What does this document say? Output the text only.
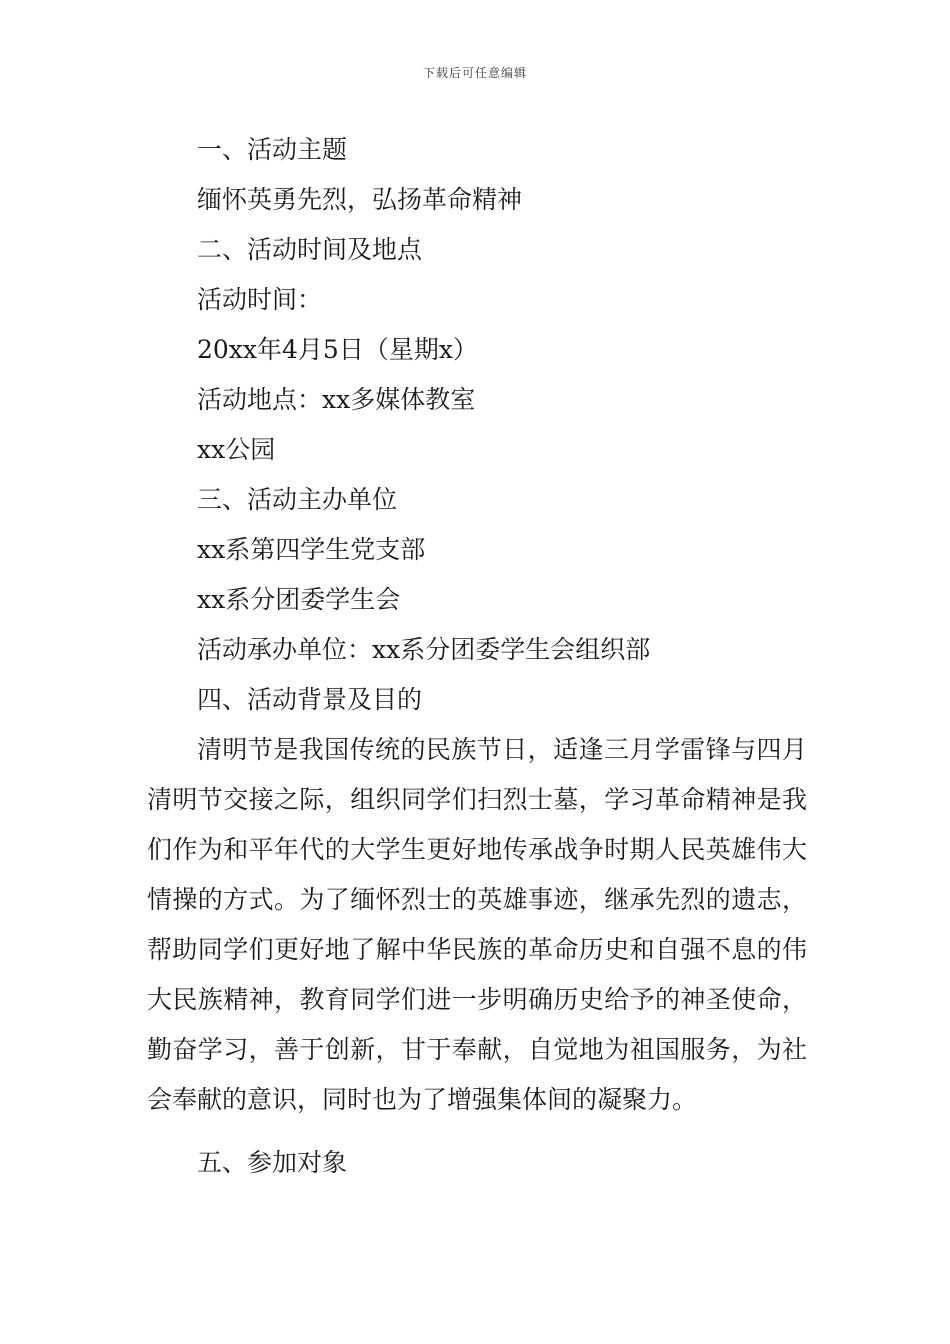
下载后可任意编辑
一、活动主题
缅怀英勇先烈，弘扬革命精神
二、活动时间及地点
活动时间：
20xx年4月5日（星期x）
活动地点：xx多媒体教室
xx公园
三、活动主办单位
xx系第四学生党支部
xx系分团委学生会
活动承办单位：xx系分团委学生会组织部
四、活动背景及目的
清明节是我国传统的民族节日，适逢三月学雷锋与四月清明节交接之际，组织同学们扫烈士墓，学习革命精神是我们作为和平年代的大学生更好地传承战争时期人民英雄伟大情操的方式。为了缅怀烈士的英雄事迹，继承先烈的遗志，帮助同学们更好地了解中华民族的革命历史和自强不息的伟大民族精神，教育同学们进一步明确历史给予的神圣使命，勤奋学习，善于创新，甘于奉献，自觉地为祖国服务，为社会奉献的意识，同时也为了增强集体间的凝聚力。
五、参加对象
